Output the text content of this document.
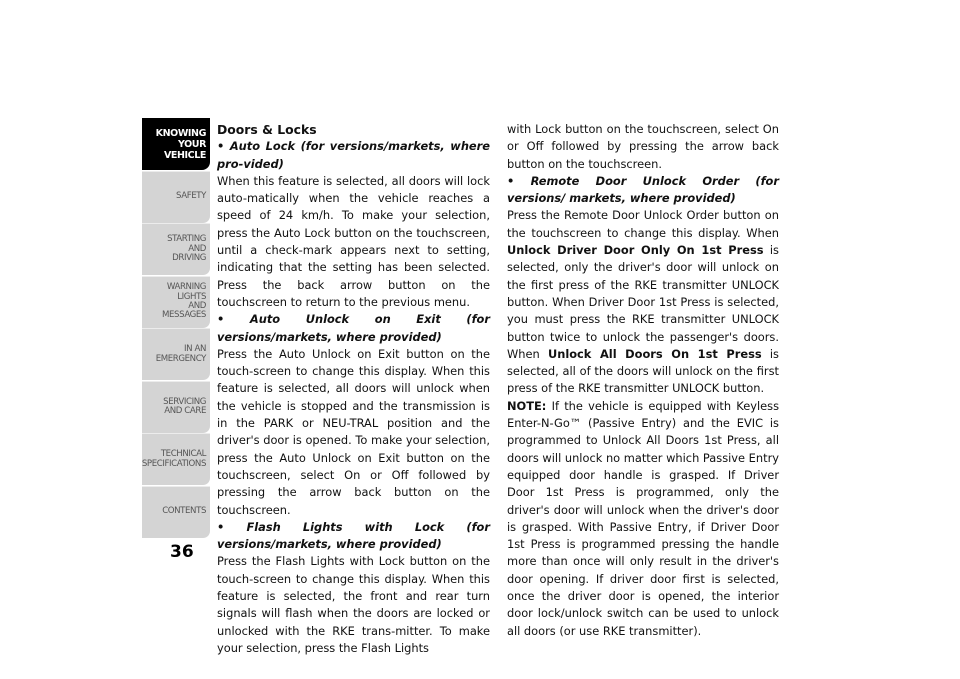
KNOWING
YOUR
VEHICLE
SAFETY
STARTING
AND
DRIVING
WARNING
LIGHTS
AND
MESSAGES
IN AN
EMERGENCY
SERVICING
AND CARE
TECHNICAL
SPECIFICATIONS
CONTENTS
36

Doors & Locks

• Auto Lock (for versions/markets, where pro-vided)

When this feature is selected, all doors will lock auto-matically when the vehicle reaches a speed of 24 km/h. To make your selection, press the Auto Lock button on the touchscreen, until a check-mark appears next to setting, indicating that the setting has been selected. Press the back arrow button on the touchscreen to return to the previous menu.

• Auto Unlock on Exit (for versions/markets, where provided)

Press the Auto Unlock on Exit button on the touch-screen to change this display. When this feature is selected, all doors will unlock when the vehicle is stopped and the transmission is in the PARK or NEU-TRAL position and the driver's door is opened. To make your selection, press the Auto Unlock on Exit button on the touchscreen, select On or Off followed by pressing the arrow back button on the touchscreen.

• Flash Lights with Lock (for versions/markets, where provided)

Press the Flash Lights with Lock button on the touch-screen to change this display. When this feature is selected, the front and rear turn signals will flash when the doors are locked or unlocked with the RKE trans-mitter. To make your selection, press the Flash Lights

with Lock button on the touchscreen, select On or Off followed by pressing the arrow back button on the touchscreen.

• Remote Door Unlock Order (for versions/ markets, where provided)

Press the Remote Door Unlock Order button on the touchscreen to change this display. When Unlock Driver Door Only On 1st Press is selected, only the driver's door will unlock on the first press of the RKE transmitter UNLOCK button. When Driver Door 1st Press is selected, you must press the RKE transmitter UNLOCK button twice to unlock the passenger's doors. When Unlock All Doors On 1st Press is selected, all of the doors will unlock on the first press of the RKE transmitter UNLOCK button.

NOTE: If the vehicle is equipped with Keyless Enter-N-Go™ (Passive Entry) and the EVIC is programmed to Unlock All Doors 1st Press, all doors will unlock no matter which Passive Entry equipped door handle is grasped. If Driver Door 1st Press is programmed, only the driver's door will unlock when the driver's door is grasped. With Passive Entry, if Driver Door 1st Press is programmed pressing the handle more than once will only result in the driver's door opening. If driver door first is selected, once the driver door is opened, the interior door lock/unlock switch can be used to unlock all doors (or use RKE transmitter).
